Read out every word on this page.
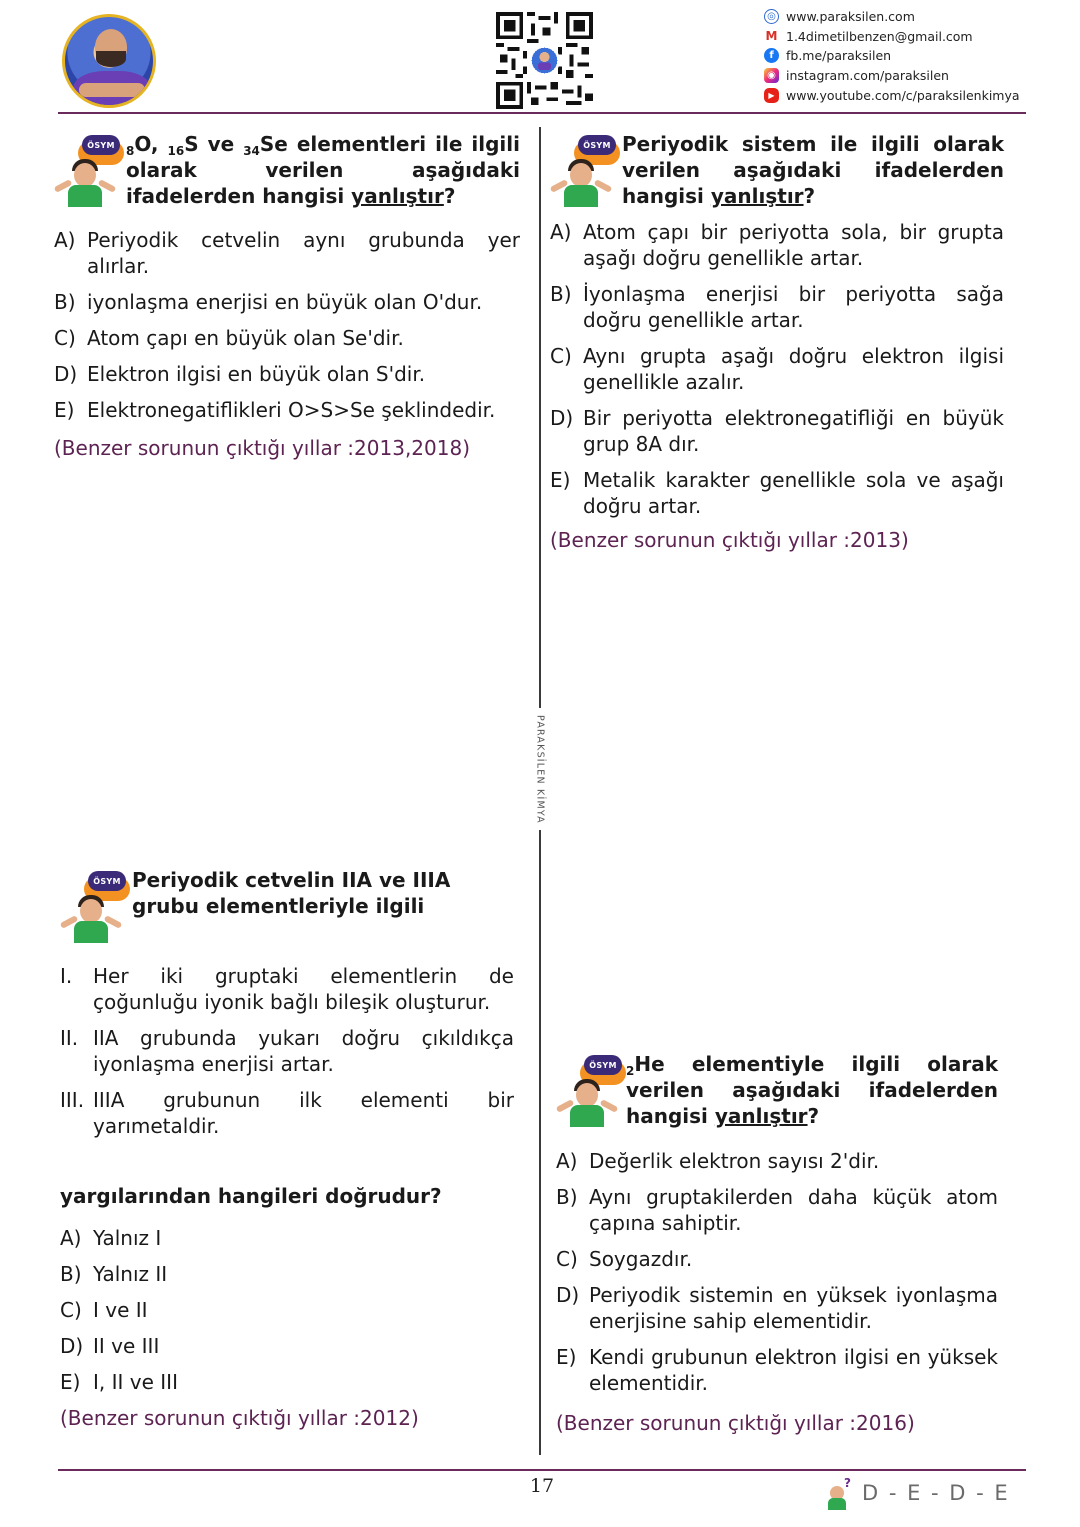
◎ www.paraksilen.com
M 1.4dimetilbenzen@gmail.com
f fb.me/paraksilen
◉ instagram.com/paraksilen
▶ www.youtube.com/c/paraksilenkimya
PARAKSİLEN KİMYA
ÖSYM $_8$O, $_{16}$S ve $_{34}$Se elementleri ile ilgili olarak verilen aşağıdaki ifadelerden hangisi yanlıştır?
A) Periyodik cetvelin aynı grubunda yer alırlar.
B) iyonlaşma enerjisi en büyük olan O'dur.
C) Atom çapı en büyük olan Se'dir.
D) Elektron ilgisi en büyük olan S'dir.
E) Elektronegatiflikleri O>S>Se şeklindedir.
(Benzer sorunun çıktığı yıllar :2013,2018)
ÖSYM Periyodik sistem ile ilgili olarak verilen aşağıdaki ifadelerden hangisi yanlıştır?
A) Atom çapı bir periyotta sola, bir grupta aşağı doğru genellikle artar.
B) İyonlaşma enerjisi bir periyotta sağa doğru genellikle artar.
C) Aynı grupta aşağı doğru elektron ilgisi genellikle azalır.
D) Bir periyotta elektronegatifliği en büyük grup 8A dır.
E) Metalik karakter genellikle sola ve aşağı doğru artar.
(Benzer sorunun çıktığı yıllar :2013)
ÖSYM Periyodik cetvelin IIA ve IIIA grubu elementleriyle ilgili
I.	Her iki gruptaki elementlerin de çoğunluğu iyonik bağlı bileşik oluşturur.
II. IIA grubunda yukarı doğru çıkıldıkça iyonlaşma enerjisi artar.
III. IIIA grubunun ilk elementi bir yarımetaldir.
yargılarından hangileri doğrudur?
A) Yalnız I
B) Yalnız II
C) I ve II
D) II ve III
E) I, II ve III
(Benzer sorunun çıktığı yıllar :2012)
ÖSYM $_2$He elementiyle ilgili olarak verilen aşağıdaki ifadelerden hangisi yanlıştır?
A) Değerlik elektron sayısı 2'dir.
B) Aynı gruptakilerden daha küçük atom çapına sahiptir.
C) Soygazdır.
D) Periyodik sistemin en yüksek iyonlaşma enerjisine sahip elementidir.
E) Kendi grubunun elektron ilgisi en yüksek elementidir.
(Benzer sorunun çıktığı yıllar :2016)
17	? D - E - D - E
